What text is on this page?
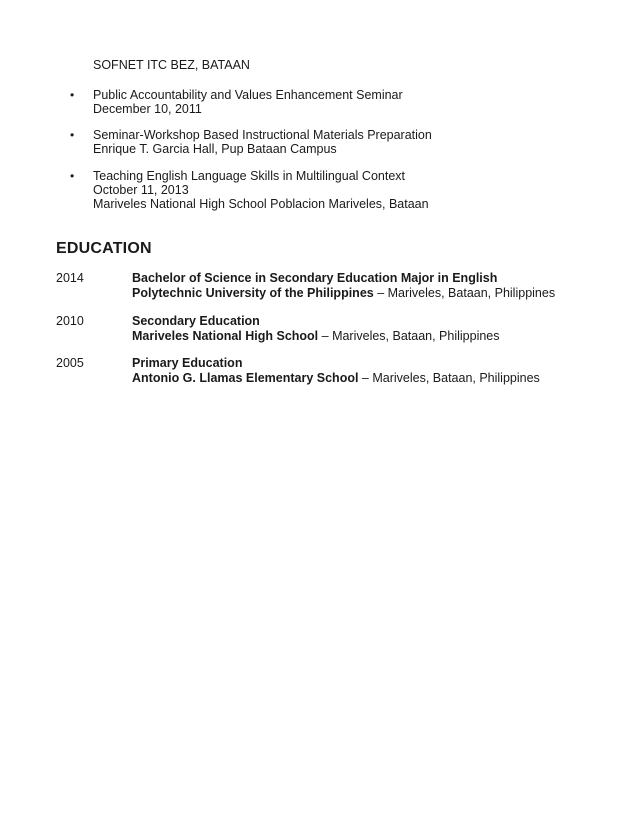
SOFNET ITC BEZ, BATAAN
• Public Accountability and Values Enhancement Seminar
December 10, 2011
• Seminar-Workshop Based Instructional Materials Preparation
Enrique T. Garcia Hall, Pup Bataan Campus
• Teaching English Language Skills in Multilingual Context
October 11, 2013
Mariveles National High School Poblacion Mariveles, Bataan
EDUCATION
2014	Bachelor of Science in Secondary Education Major in English
Polytechnic University of the Philippines – Mariveles, Bataan, Philippines
2010	Secondary Education
Mariveles National High School – Mariveles, Bataan, Philippines
2005	Primary Education
Antonio G. Llamas Elementary School – Mariveles, Bataan, Philippines
